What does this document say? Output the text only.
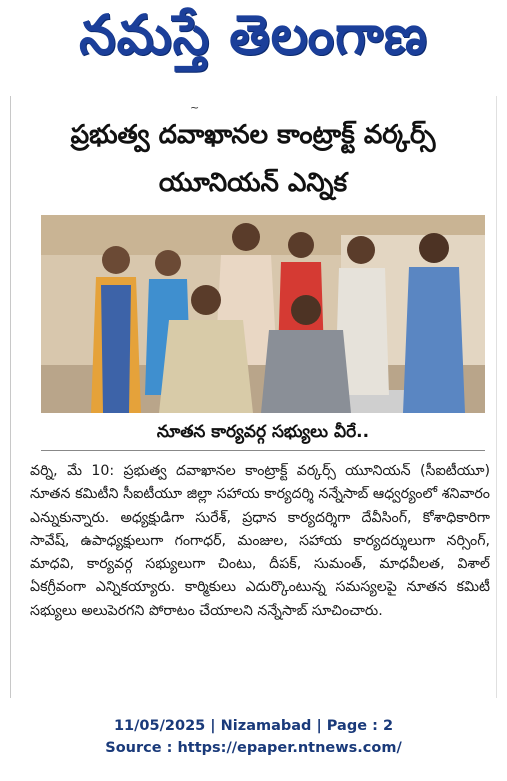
నమస్తే తెలంగాణ
~
ప్రభుత్వ దవాఖానల కాంట్రాక్ట్ వర్కర్స్
యూనియన్ ఎన్నిక
నూతన కార్యవర్గ సభ్యులు వీరే..
వర్ని, మే 10: ప్రభుత్వ దవాఖానల కాంట్రాక్ట్ వర్కర్స్ యూనియన్ (సీఐటీయూ) నూతన కమిటీని సీఐటీయూ జిల్లా సహాయ కార్యదర్శి నన్నేసాబ్ ఆధ్వర్యంలో శనివారం ఎన్నుకున్నారు. అధ్యక్షుడిగా సురేశ్, ప్రధాన కార్యదర్శిగా దేవీసింగ్, కోశాధికారిగా సావేష్, ఉపాధ్యక్షులుగా గంగాధర్, మంజుల, సహాయ కార్యదర్శులుగా నర్సింగ్, మాధవి, కార్యవర్గ సభ్యులుగా చింటు, దీపక్, సుమంత్, మాధవీలత, విశాల్ ఏకగ్రీవంగా ఎన్నికయ్యారు. కార్మికులు ఎదుర్కొంటున్న సమస్యలపై నూతన కమిటీ సభ్యులు అలుపెరగని పోరాటం చేయాలని నన్నేసాబ్ సూచించారు.
11/05/2025 | Nizamabad | Page : 2
Source : https://epaper.ntnews.com/
